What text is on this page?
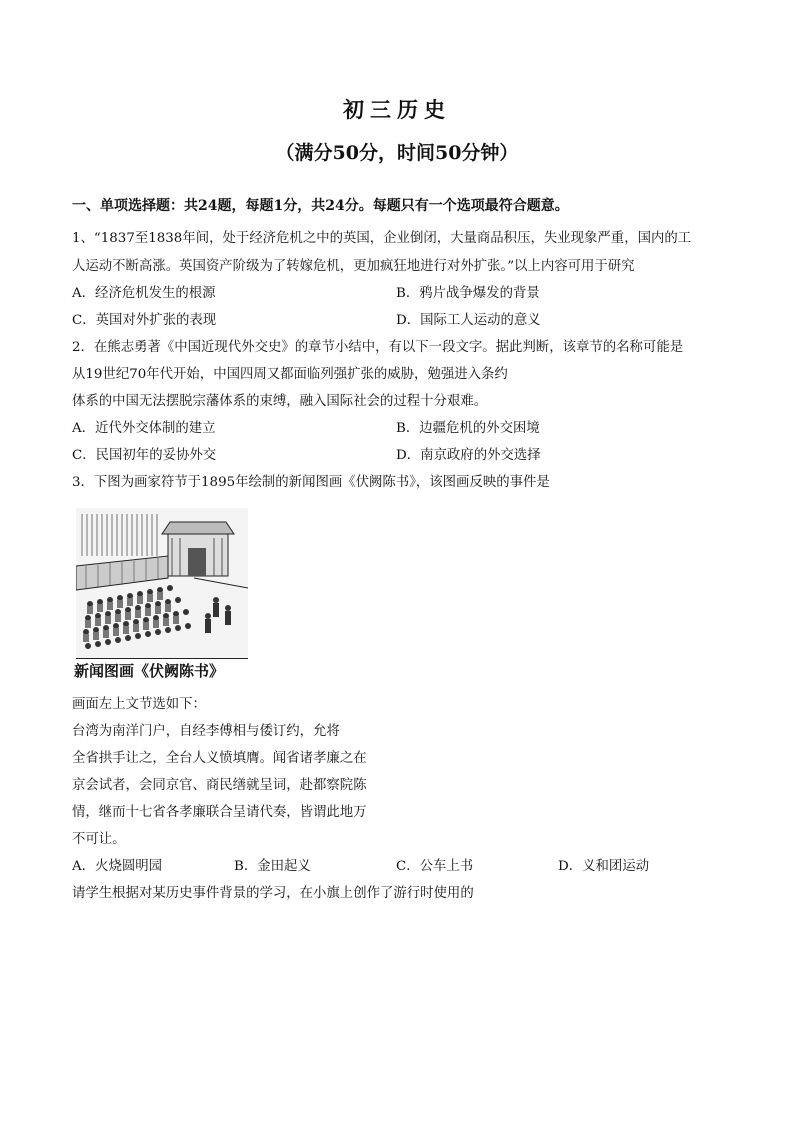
初三历史
（满分50分，时间50分钟）
一、单项选择题：共24题，每题1分，共24分。每题只有一个选项最符合题意。
1、“1837至1838年间，处于经济危机之中的英国，企业倒闭，大量商品积压，失业现象严重，国内的工
人运动不断高涨。英国资产阶级为了转嫁危机，更加疯狂地进行对外扩张。”以上内容可用于研究
A．经济危机发生的根源	B．鸦片战争爆发的背景
C．英国对外扩张的表现	D．国际工人运动的意义
2．在熊志勇著《中国近现代外交史》的章节小结中，有以下一段文字。据此判断，该章节的名称可能是
从19世纪70年代开始，中国四周又都面临列强扩张的威胁，勉强进入条约
体系的中国无法摆脱宗藩体系的束缚，融入国际社会的过程十分艰难。
A．近代外交体制的建立	B．边疆危机的外交困境
C．民国初年的妥协外交	D．南京政府的外交选择
3．下图为画家符节于1895年绘制的新闻图画《伏阙陈书》，该图画反映的事件是
新闻图画《伏阙陈书》
画面左上文节选如下：
台湾为南洋门户，自经李傅相与倭订约，允将
全省拱手让之，全台人义愤填膺。闻省诸孝廉之在
京会试者，会同京官、商民缮就呈词，赴都察院陈
情，继而十七省各孝廉联合呈请代奏，皆谓此地万
不可让。
A．火烧圆明园	B．金田起义	C．公车上书	D．义和团运动
请学生根据对某历史事件背景的学习，在小旗上创作了游行时使用的
